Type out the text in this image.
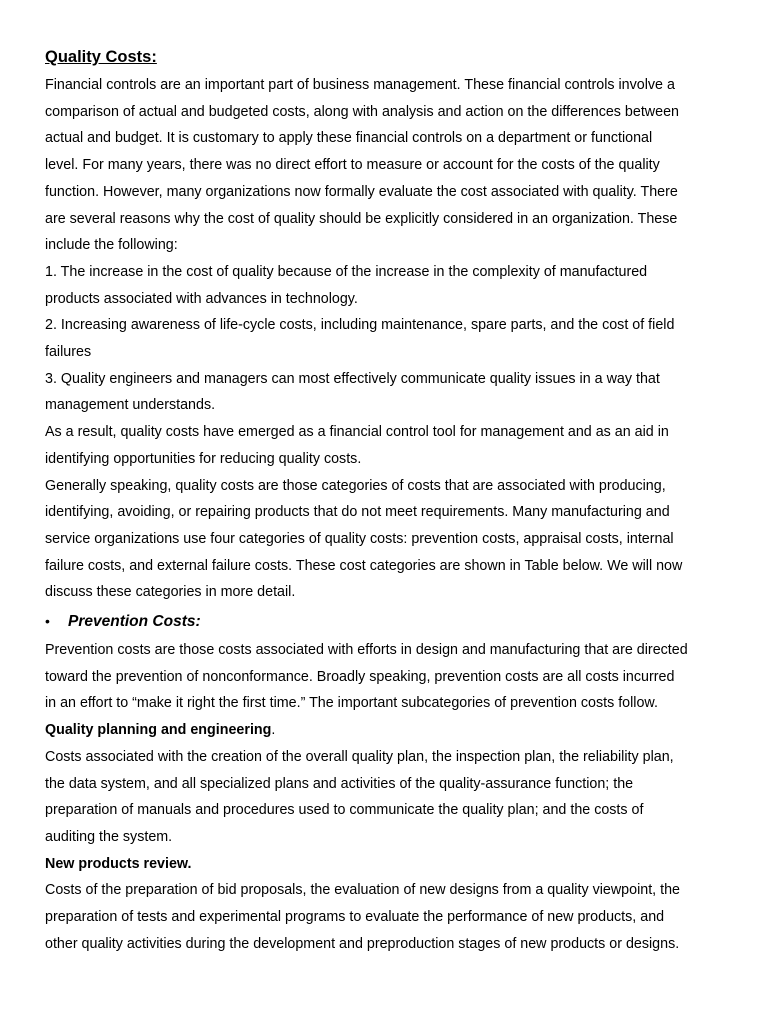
Quality Costs:
Financial controls are an important part of business management. These financial controls involve a
comparison of actual and budgeted costs, along with analysis and action on the differences between
actual and budget. It is customary to apply these financial controls on a department or functional
level. For many years, there was no direct effort to measure or account for the costs of the quality
function. However, many organizations now formally evaluate the cost associated with quality. There
are several reasons why the cost of quality should be explicitly considered in an organization. These
include the following:
1. The increase in the cost of quality because of the increase in the complexity of manufactured
products associated with advances in technology.
2. Increasing awareness of life-cycle costs, including maintenance, spare parts, and the cost of field
failures
3. Quality engineers and managers can most effectively communicate quality issues in a way that
management understands.
As a result, quality costs have emerged as a financial control tool for management and as an aid in
identifying opportunities for reducing quality costs.
Generally speaking, quality costs are those categories of costs that are associated with producing,
identifying, avoiding, or repairing products that do not meet requirements. Many manufacturing and
service organizations use four categories of quality costs: prevention costs, appraisal costs, internal
failure costs, and external failure costs. These cost categories are shown in Table below. We will now
discuss these categories in more detail.
•	Prevention Costs:
Prevention costs are those costs associated with efforts in design and manufacturing that are directed
toward the prevention of nonconformance. Broadly speaking, prevention costs are all costs incurred
in an effort to “make it right the first time.” The important subcategories of prevention costs follow.
Quality planning and engineering.
Costs associated with the creation of the overall quality plan, the inspection plan, the reliability plan,
the data system, and all specialized plans and activities of the quality-assurance function; the
preparation of manuals and procedures used to communicate the quality plan; and the costs of
auditing the system.
New products review.
Costs of the preparation of bid proposals, the evaluation of new designs from a quality viewpoint, the
preparation of tests and experimental programs to evaluate the performance of new products, and
other quality activities during the development and preproduction stages of new products or designs.
